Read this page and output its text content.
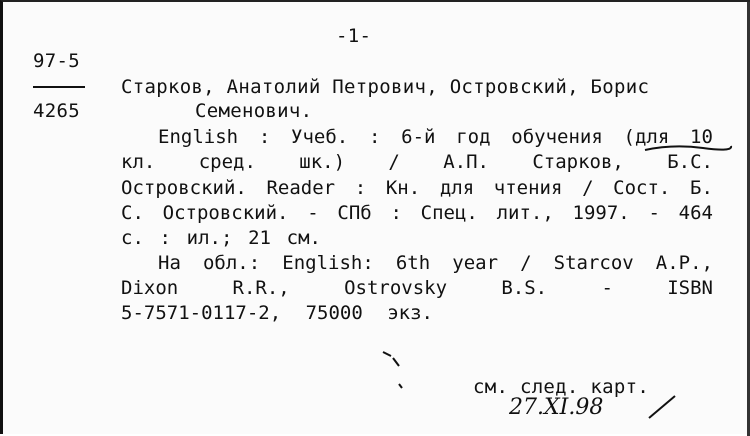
-1-
97-5
4265
Старков, Анатолий Петрович, Островский, Борис
Семенович.
English : Учеб. : 6-й год обучения (для 10
кл. сред. шк.) / А.П. Старков, Б.С.
Островский. Reader : Кн. для чтения / Сост. Б.
С. Островский. - СПб : Спец. лит., 1997. - 464
с. : ил.; 21 см.
На обл.: English: 6th year / Starcov A.P.,
Dixon	R.R.,	Ostrovsky	B.S.	-	ISBN
5-7571-0117-2, 75000 экз.
см. след. карт.
27.XI.98
